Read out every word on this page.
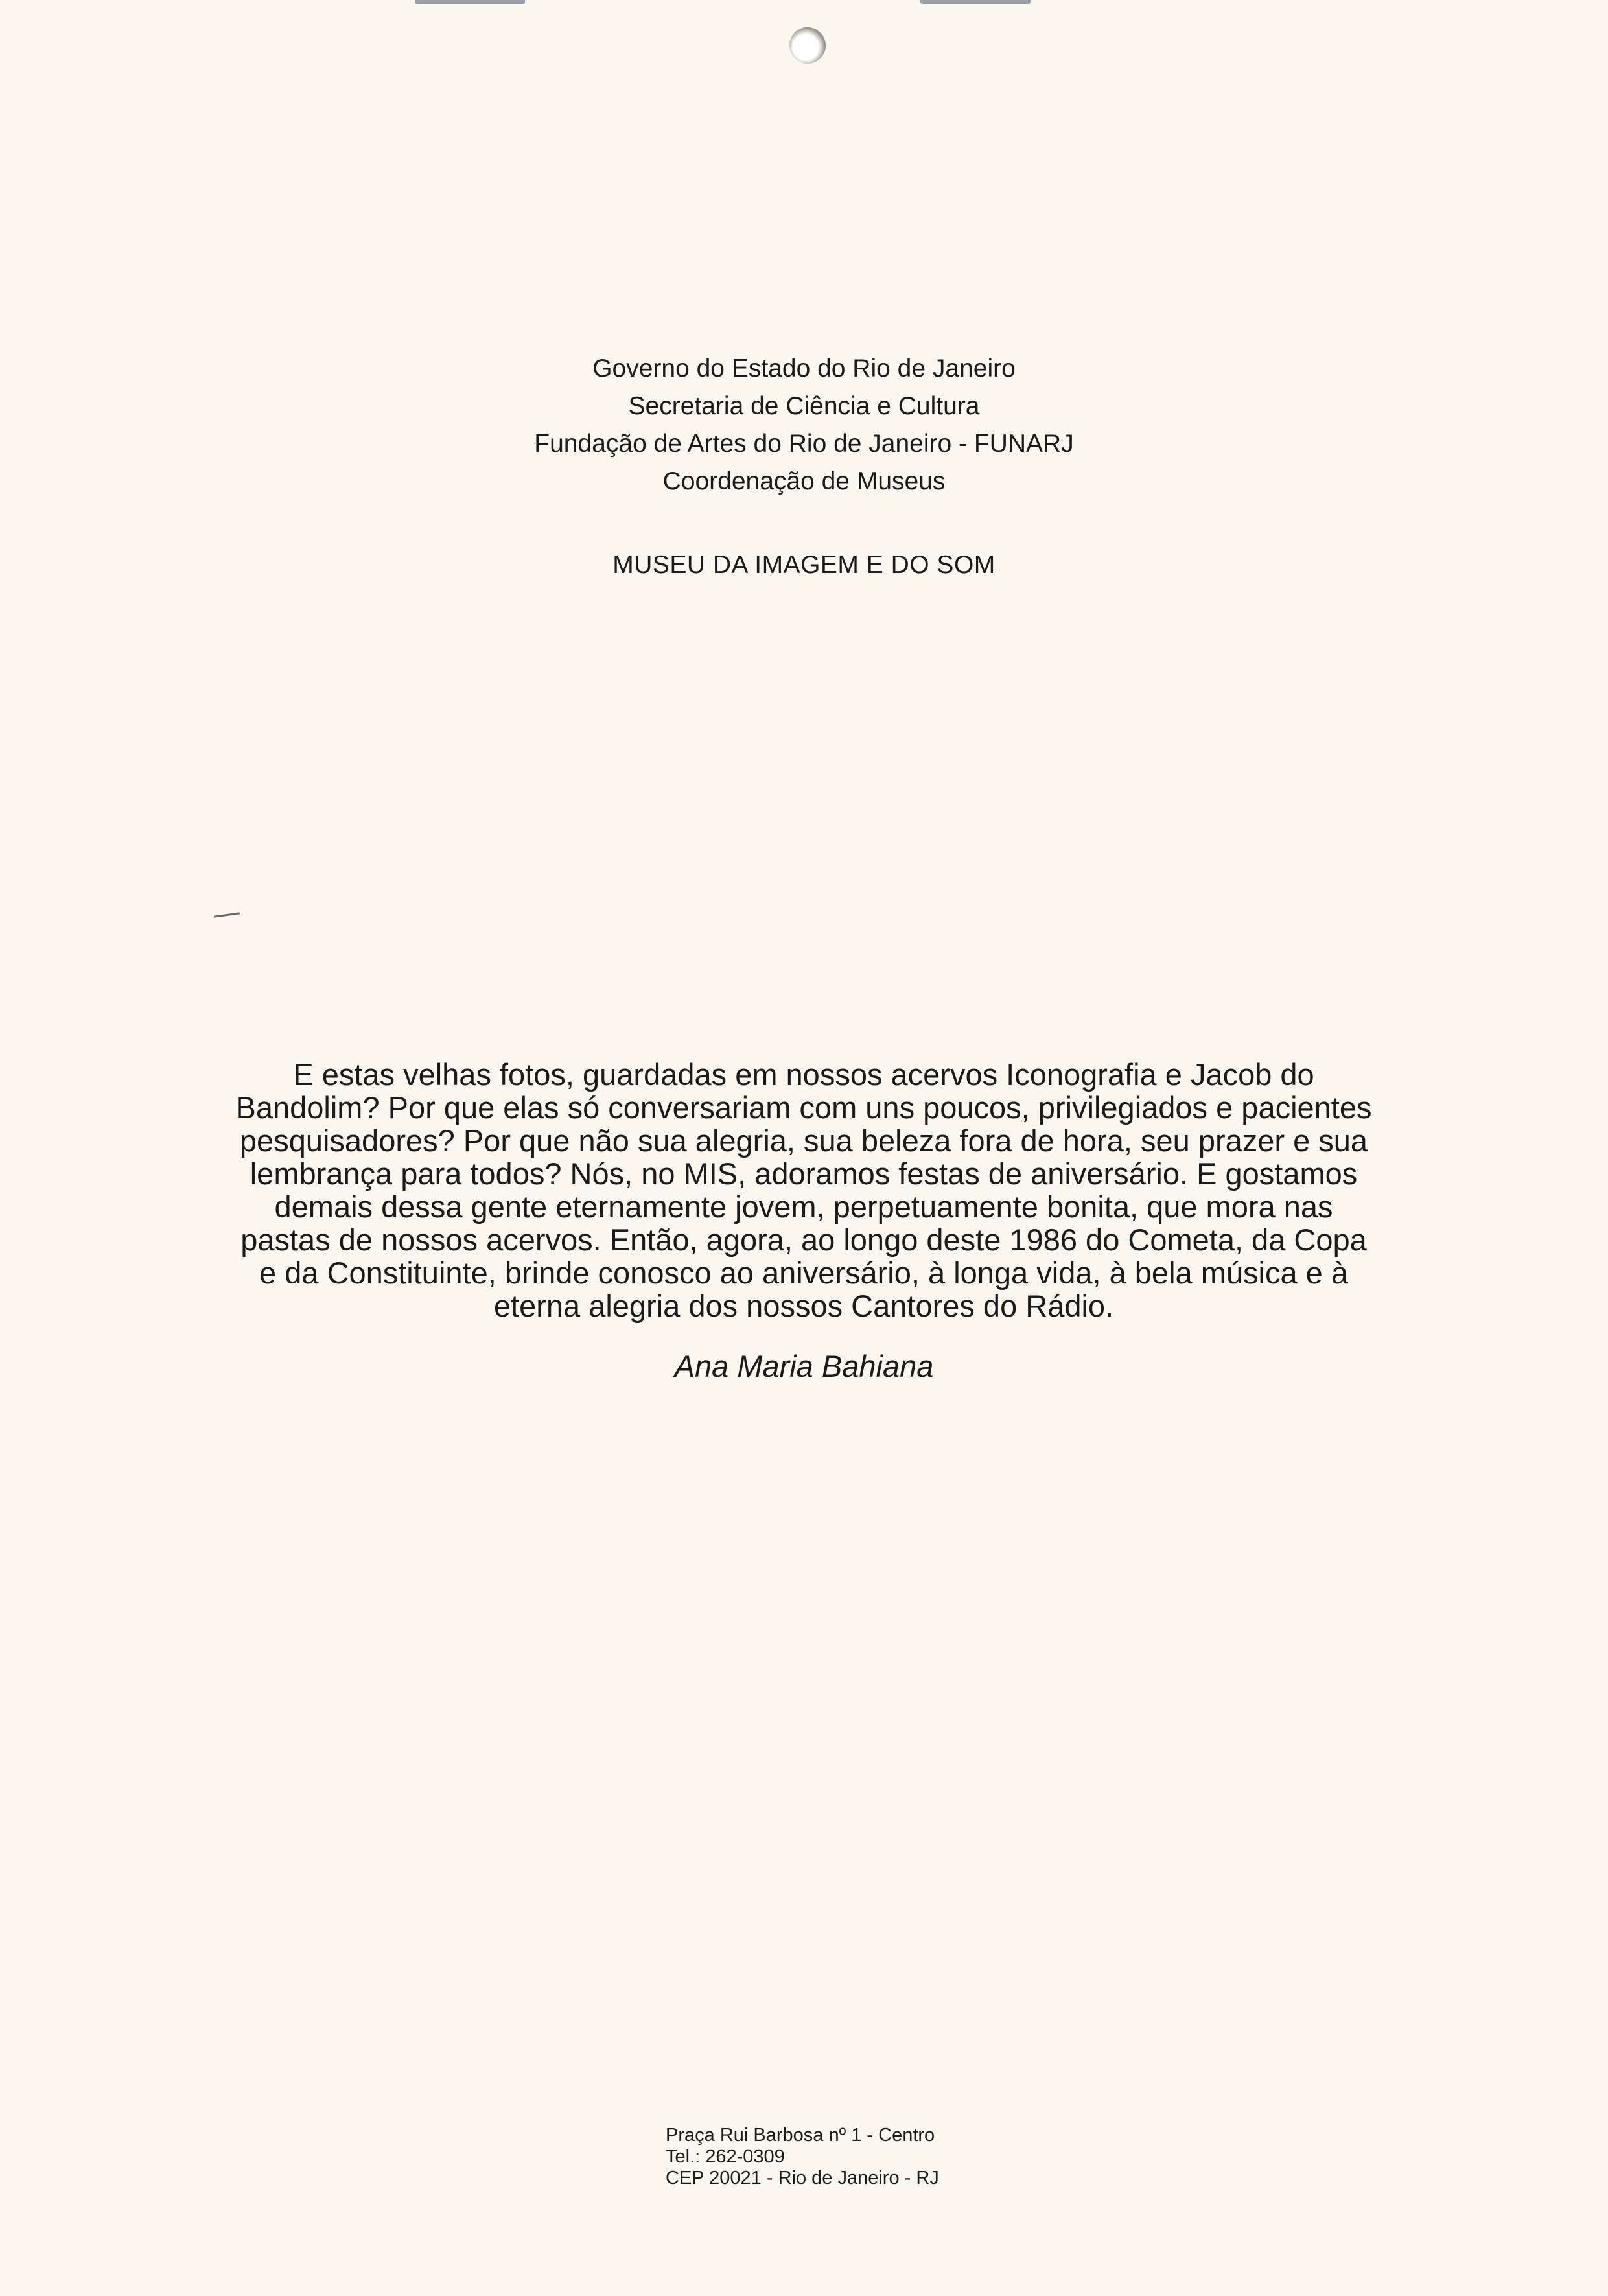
Governo do Estado do Rio de Janeiro
Secretaria de Ciência e Cultura
Fundação de Artes do Rio de Janeiro - FUNARJ
Coordenação de Museus
MUSEU DA IMAGEM E DO SOM
E estas velhas fotos, guardadas em nossos acervos Iconografia e Jacob do
Bandolim? Por que elas só conversariam com uns poucos, privilegiados e pacientes
pesquisadores? Por que não sua alegria, sua beleza fora de hora, seu prazer e sua
lembrança para todos? Nós, no MIS, adoramos festas de aniversário. E gostamos
demais dessa gente eternamente jovem, perpetuamente bonita, que mora nas
pastas de nossos acervos. Então, agora, ao longo deste 1986 do Cometa, da Copa
e da Constituinte, brinde conosco ao aniversário, à longa vida, à bela música e à
eterna alegria dos nossos Cantores do Rádio.
Ana Maria Bahiana
Praça Rui Barbosa nº 1 - Centro
Tel.: 262-0309
CEP 20021 - Rio de Janeiro - RJ
